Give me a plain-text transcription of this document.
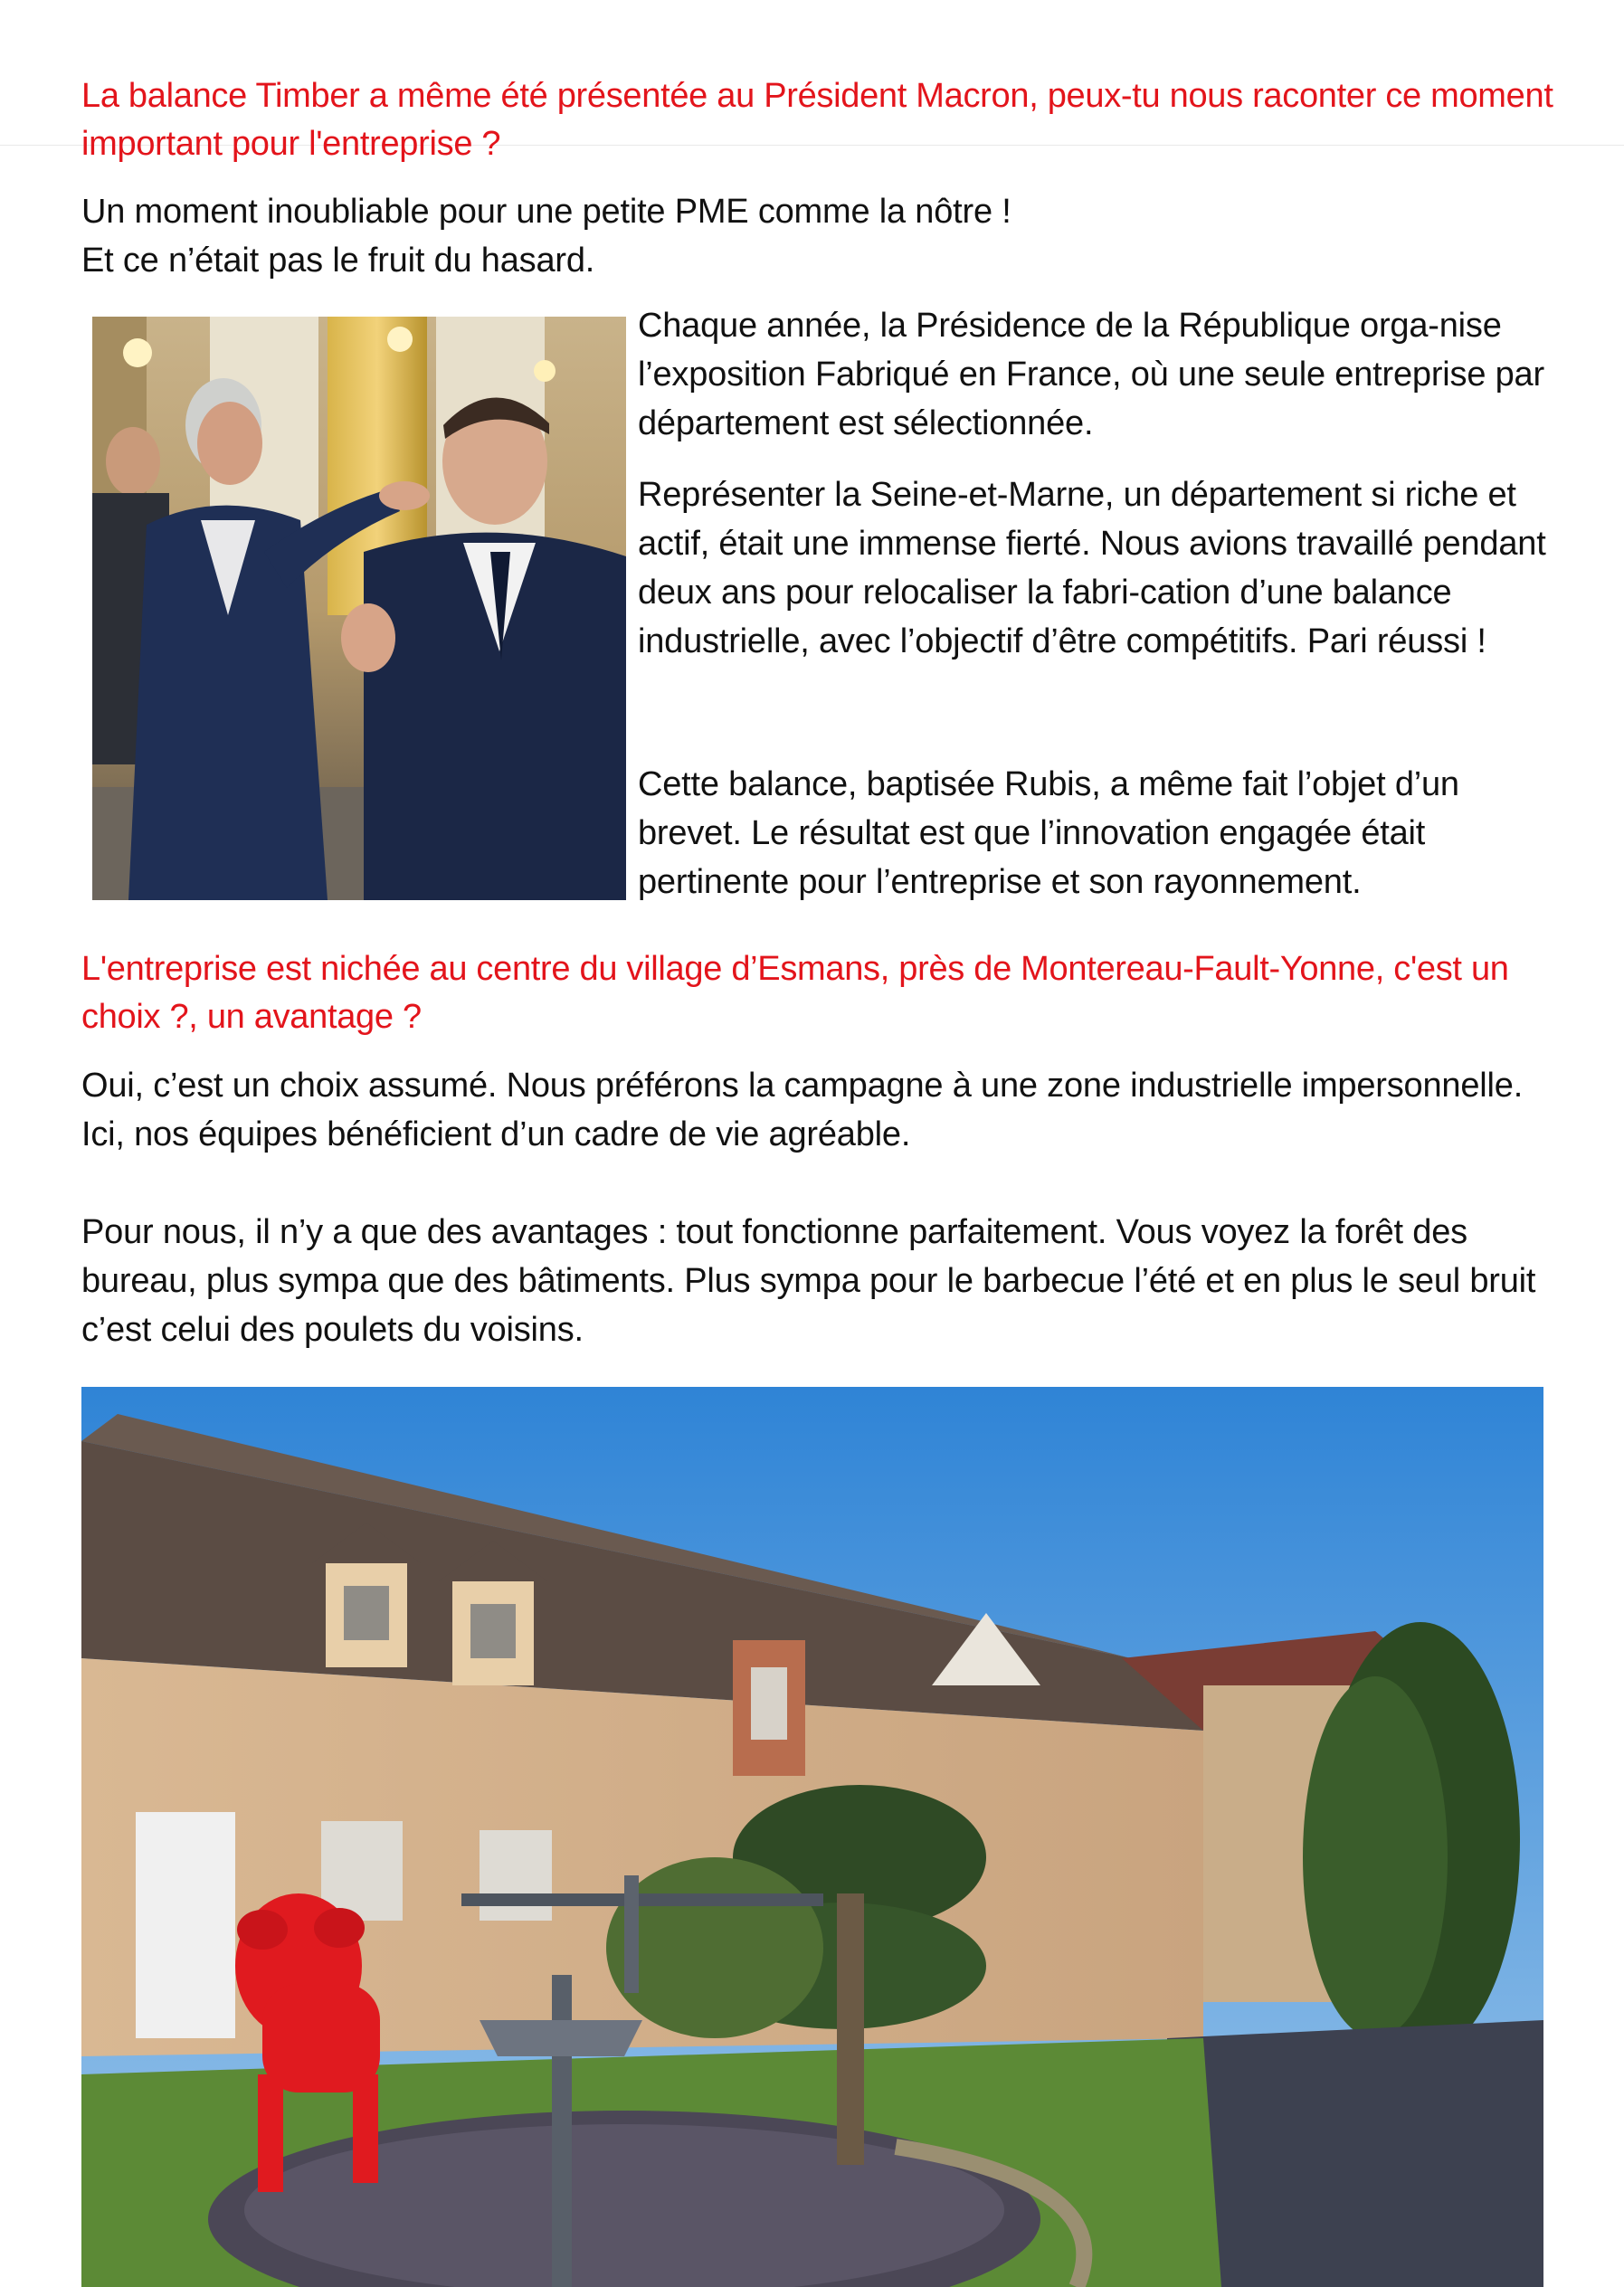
La balance Timber a même été présentée au Président Macron, peux-tu nous raconter ce moment important pour l'entreprise ?
Un moment inoubliable pour une petite PME comme la nôtre !
Et ce n’était pas le fruit du hasard.
Chaque année, la Présidence de la République orga-nise l’exposition Fabriqué en France, où une seule entreprise par département est sélectionnée.
Représenter la Seine-et-Marne, un département si riche et actif, était une immense fierté. Nous avions travaillé pendant deux ans pour relocaliser la fabri-cation d’une balance industrielle, avec l’objectif d’être compétitifs. Pari réussi !
Cette balance, baptisée Rubis, a même fait l’objet d’un brevet. Le résultat est que l’innovation engagée était pertinente pour l’entreprise et son rayonnement.
L'entreprise est nichée au centre du village d’Esmans, près de Montereau-Fault-Yonne, c'est un choix ?, un avantage ?
Oui, c’est un choix assumé. Nous préférons la campagne à une zone industrielle impersonnelle. Ici, nos équipes bénéficient d’un cadre de vie agréable.
Pour nous, il n’y a que des avantages : tout fonctionne parfaitement. Vous voyez la forêt des bureau, plus sympa que des bâtiments. Plus sympa pour le barbecue l’été et en plus le seul bruit c’est celui des poulets du voisins.
